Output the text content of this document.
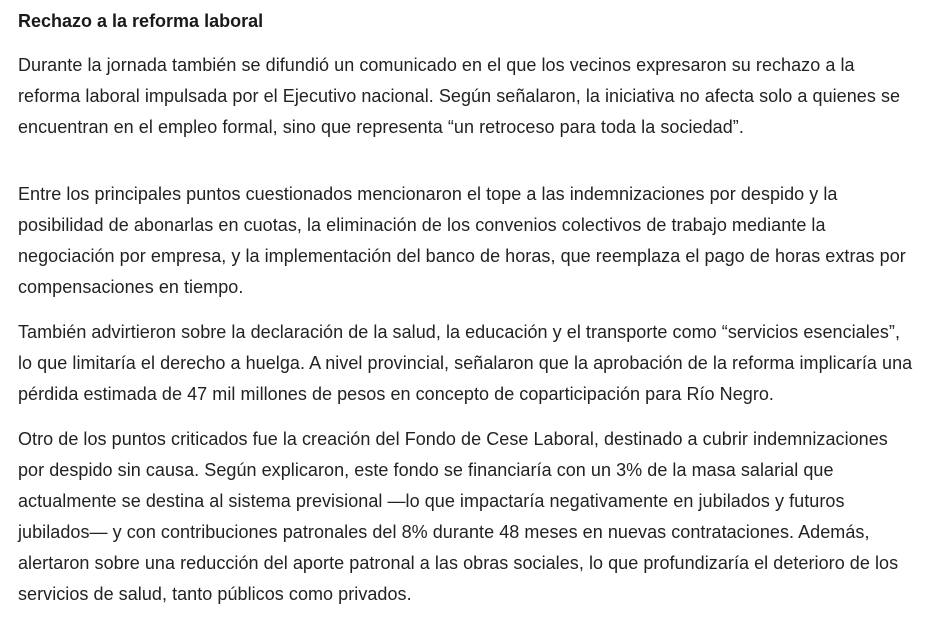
Rechazo a la reforma laboral

Durante la jornada también se difundió un comunicado en el que los vecinos expresaron su rechazo a la reforma laboral impulsada por el Ejecutivo nacional. Según señalaron, la iniciativa no afecta solo a quienes se encuentran en el empleo formal, sino que representa “un retroceso para toda la sociedad”.

Entre los principales puntos cuestionados mencionaron el tope a las indemnizaciones por despido y la posibilidad de abonarlas en cuotas, la eliminación de los convenios colectivos de trabajo mediante la negociación por empresa, y la implementación del banco de horas, que reemplaza el pago de horas extras por compensaciones en tiempo.

También advirtieron sobre la declaración de la salud, la educación y el transporte como “servicios esenciales”, lo que limitaría el derecho a huelga. A nivel provincial, señalaron que la aprobación de la reforma implicaría una pérdida estimada de 47 mil millones de pesos en concepto de coparticipación para Río Negro.

Otro de los puntos criticados fue la creación del Fondo de Cese Laboral, destinado a cubrir indemnizaciones por despido sin causa. Según explicaron, este fondo se financiaría con un 3% de la masa salarial que actualmente se destina al sistema previsional —lo que impactaría negativamente en jubilados y futuros jubilados— y con contribuciones patronales del 8% durante 48 meses en nuevas contrataciones. Además, alertaron sobre una reducción del aporte patronal a las obras sociales, lo que profundizaría el deterioro de los servicios de salud, tanto públicos como privados.
